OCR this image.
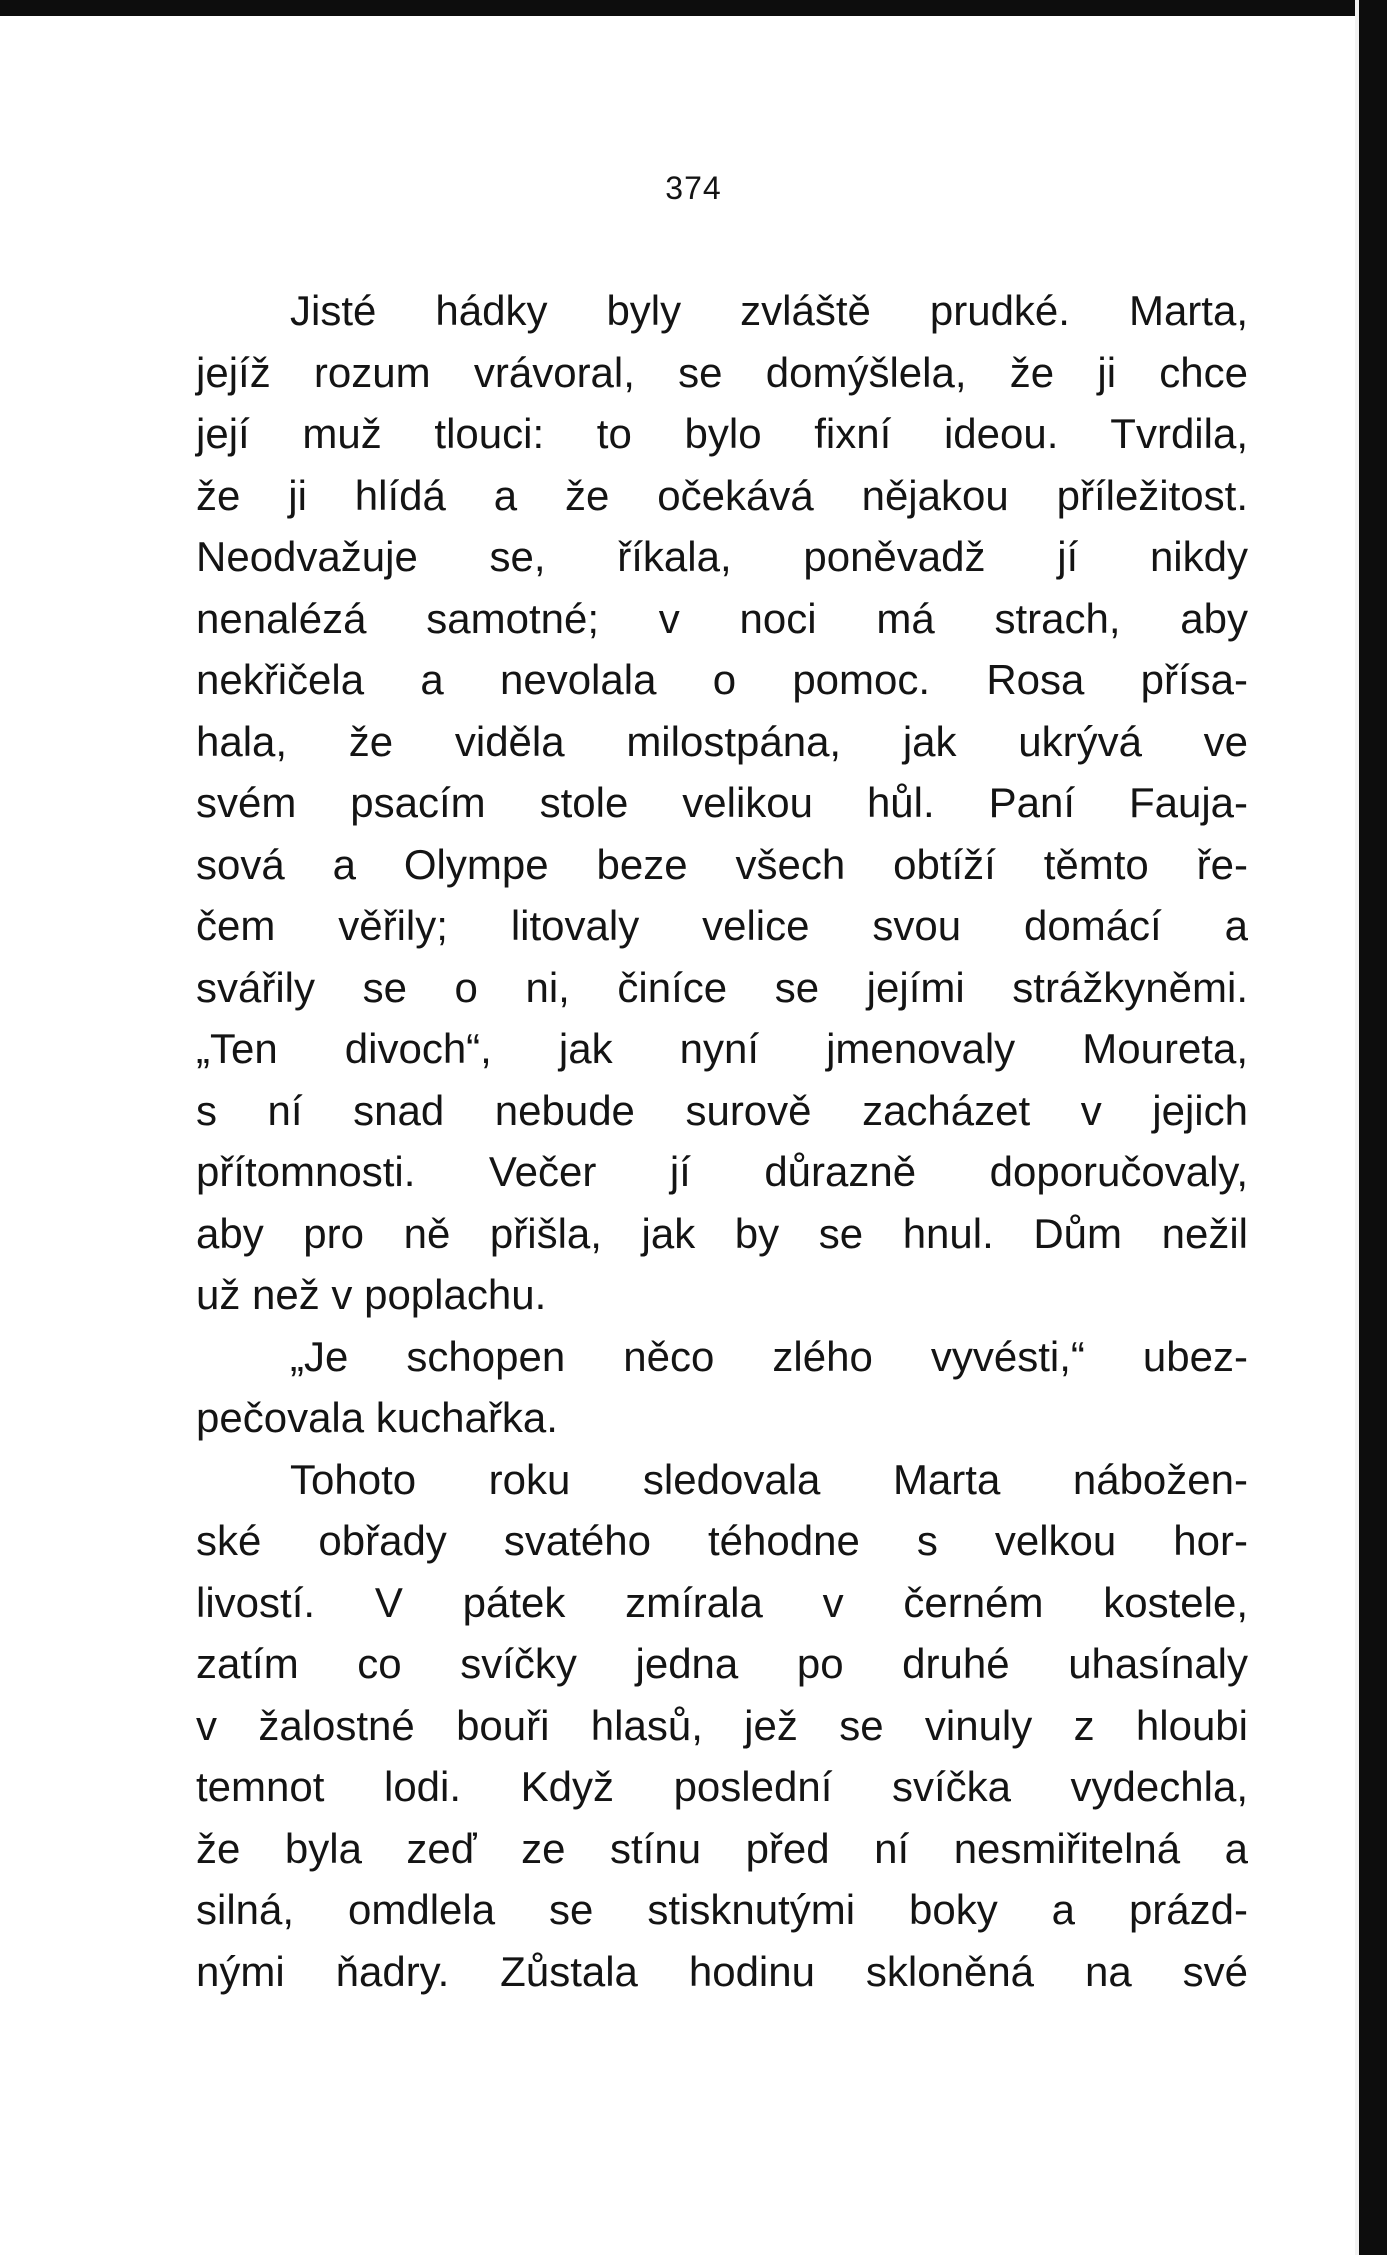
374
Jisté hádky byly zvláště prudké. Marta,
jejíž rozum vrávoral, se domýšlela, že ji chce
její muž tlouci: to bylo fixní ideou. Tvrdila,
že ji hlídá a že očekává nějakou příležitost.
Neodvažuje se, říkala, poněvadž jí nikdy
nenalézá samotné; v noci má strach, aby
nekřičela a nevolala o pomoc. Rosa přísa-
hala, že viděla milostpána, jak ukrývá ve
svém psacím stole velikou hůl. Paní Fauja-
sová a Olympe beze všech obtíží těmto ře-
čem věřily; litovaly velice svou domácí a
svářily se o ni, činíce se jejími strážkyněmi.
„Ten divoch“, jak nyní jmenovaly Moureta,
s ní snad nebude surově zacházet v jejich
přítomnosti. Večer jí důrazně doporučovaly,
aby pro ně přišla, jak by se hnul. Dům nežil
už než v poplachu.
„Je schopen něco zlého vyvésti,“ ubez-
pečovala kuchařka.
Tohoto roku sledovala Marta nábožen-
ské obřady svatého téhodne s velkou hor-
livostí. V pátek zmírala v černém kostele,
zatím co svíčky jedna po druhé uhasínaly
v žalostné bouři hlasů, jež se vinuly z hloubi
temnot lodi. Když poslední svíčka vydechla,
že byla zeď ze stínu před ní nesmiřitelná a
silná, omdlela se stisknutými boky a prázd-
nými ňadry. Zůstala hodinu skloněná na své
